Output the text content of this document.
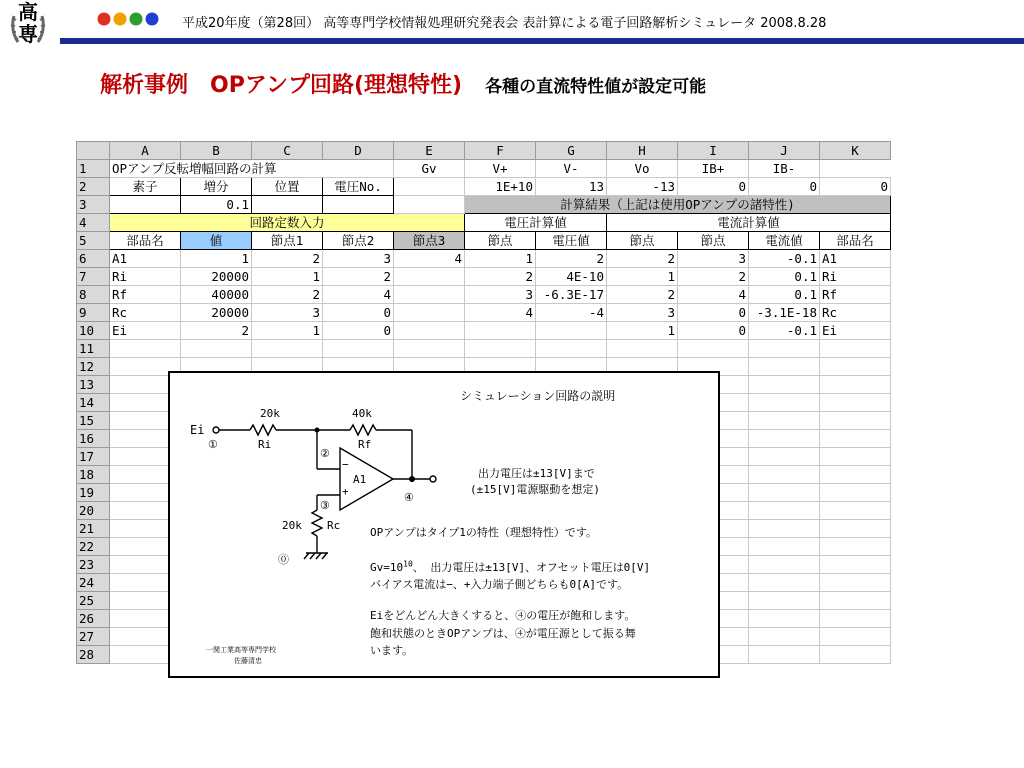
高
専	平成20年度（第28回） 高等専門学校情報処理研究発表会 表計算による電子回路解析シミュレータ 2008.8.28
解析事例　OPアンプ回路(理想特性) 各種の直流特性値が設定可能
	A	B	C	D	E	F	G	H	I	J	K
1	OPアンプ反転増幅回路の計算				Gv	V+	V-	Vo	IB+	IB-	
2	素子	増分	位置	電圧No.		1E+10	13	-13	0	0	0
3		0.1				計算結果（上記は使用OPアンプの諸特性)					
4	回路定数入力					電圧計算値		電流計算値			
5	部品名	値	節点1	節点2	節点3	節点	電圧値	節点	節点	電流値	部品名
6	A1	1	2	3	4	1	2	2	3	-0.1	A1
7	Ri	20000	1	2		2	4E-10	1	2	0.1	Ri
8	Rf	40000	2	4		3	-6.3E-17	2	4	0.1	Rf
9	Rc	20000	3	0		4	-4	3	0	-3.1E-18	Rc
10	Ei	2	1	0				1	0	-0.1	Ei
11											
12											
13											
14											
15											
16											
17											
18											
19											
20											
21											
22											
23											
24											
25											
26											
27											
28											
シミュレーション回路の説明
20k	40k
Ei
①	Ri	Rf
②
−
+
A1
③
④
20k Rc
⓪
出力電圧は±13[V]まで
(±15[V]電源駆動を想定)
OPアンプはタイプ1の特性（理想特性）です。
$Gv=10^{10}$、 出力電圧は±13[V]、オフセット電圧は0[V]
バイアス電流は−、+入力端子側どちらも0[A]です。
Eiをどんどん大きくすると、④の電圧が飽和します。
飽和状態のときOPアンプは、④が電圧源として振る舞
います。
一関工業高等専門学校
佐藤清忠
